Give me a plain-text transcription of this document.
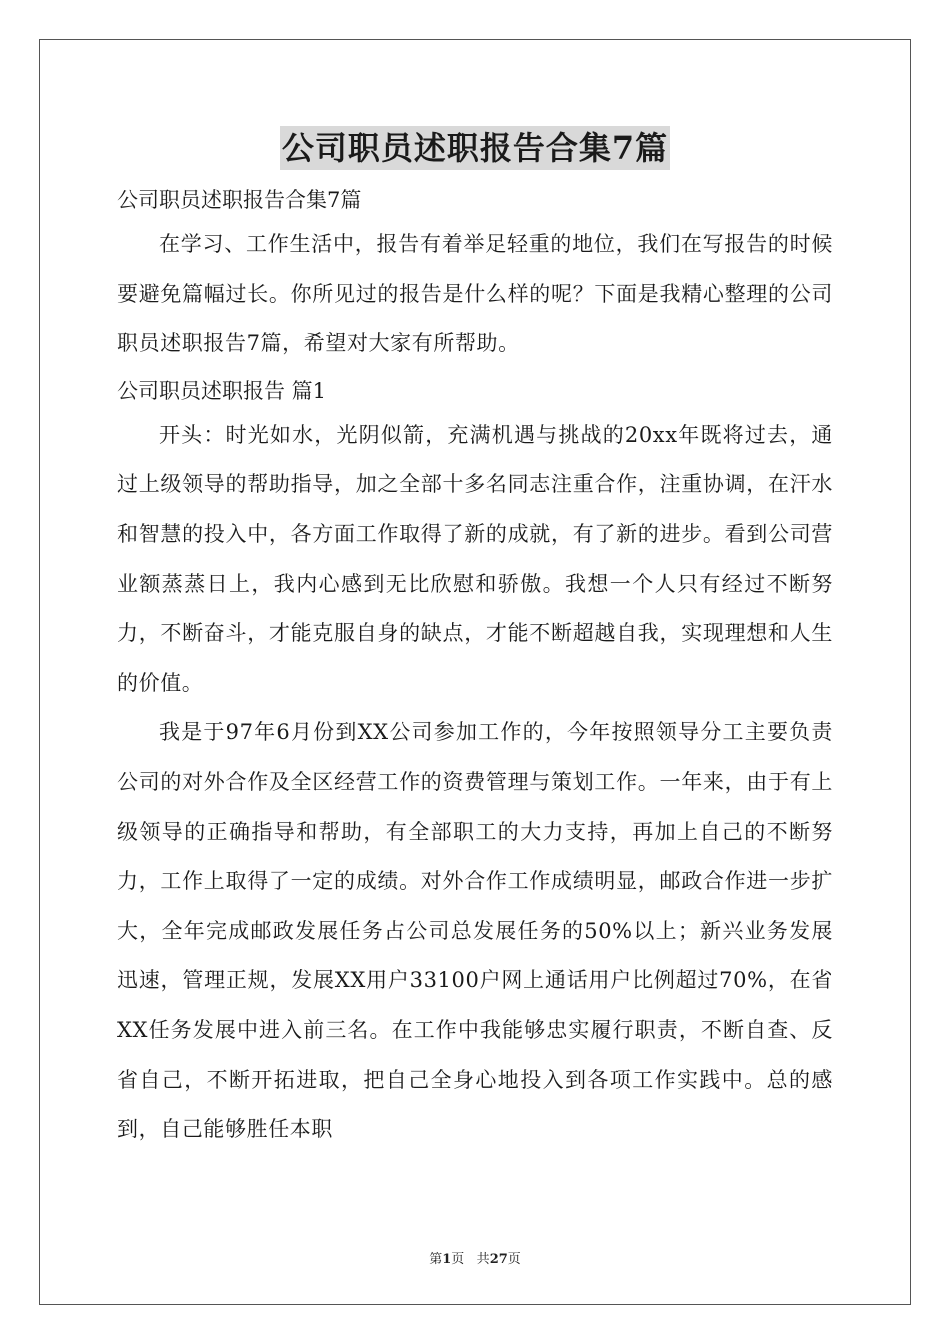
公司职员述职报告合集7篇

公司职员述职报告合集7篇

在学习、工作生活中，报告有着举足轻重的地位，我们在写报告的时候要避免篇幅过长。你所见过的报告是什么样的呢？下面是我精心整理的公司职员述职报告7篇，希望对大家有所帮助。

公司职员述职报告 篇1

开头：时光如水，光阴似箭，充满机遇与挑战的20xx年既将过去，通过上级领导的帮助指导，加之全部十多名同志注重合作，注重协调，在汗水和智慧的投入中，各方面工作取得了新的成就，有了新的进步。看到公司营业额蒸蒸日上，我内心感到无比欣慰和骄傲。我想一个人只有经过不断努力，不断奋斗，才能克服自身的缺点，才能不断超越自我，实现理想和人生的价值。

我是于97年6月份到XX公司参加工作的，今年按照领导分工主要负责公司的对外合作及全区经营工作的资费管理与策划工作。一年来，由于有上级领导的正确指导和帮助，有全部职工的大力支持，再加上自己的不断努力，工作上取得了一定的成绩。对外合作工作成绩明显，邮政合作进一步扩大，全年完成邮政发展任务占公司总发展任务的50%以上；新兴业务发展迅速，管理正规，发展XX用户33100户网上通话用户比例超过70%，在省XX任务发展中进入前三名。在工作中我能够忠实履行职责，不断自查、反省自己，不断开拓进取，把自己全身心地投入到各项工作实践中。总的感到，自己能够胜任本职

第1页 共27页
